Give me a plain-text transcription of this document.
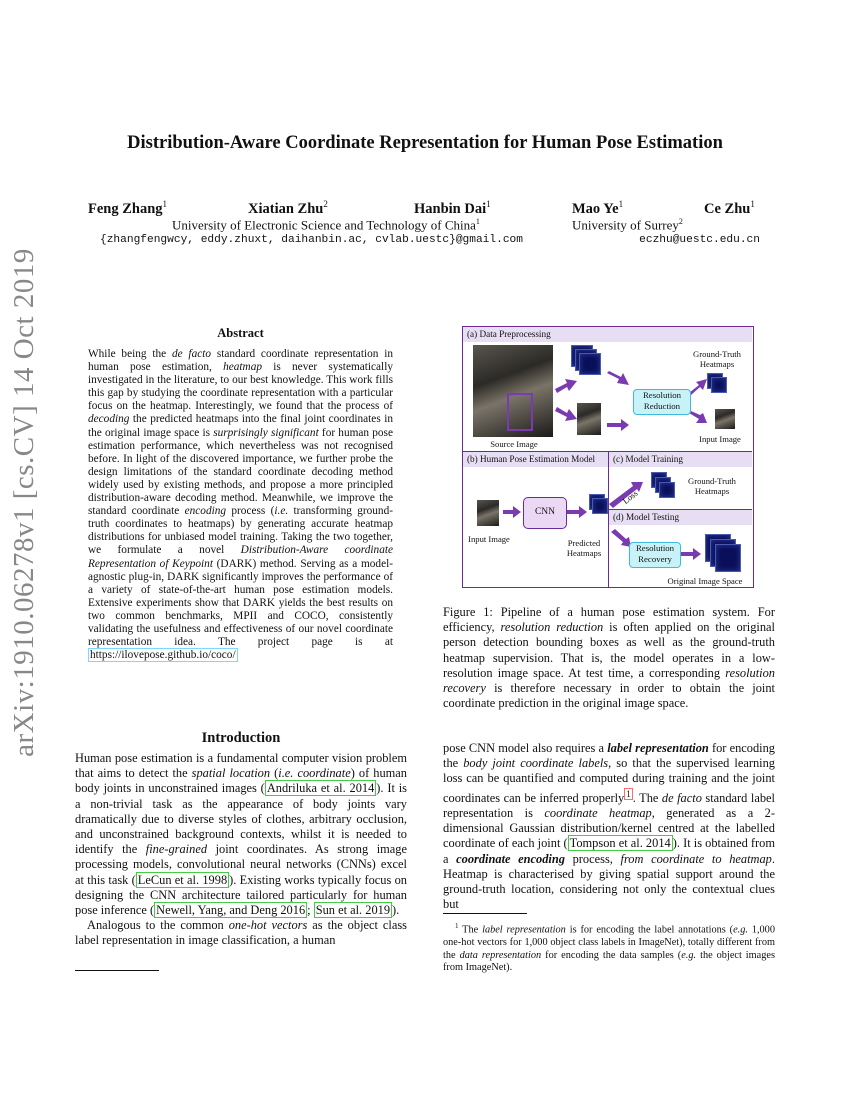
arXiv:1910.06278v1 [cs.CV] 14 Oct 2019
Distribution-Aware Coordinate Representation for Human Pose Estimation
Feng Zhang$^1$	Xiatian Zhu$^2$	Hanbin Dai$^1$	Mao Ye$^1$	Ce Zhu$^1$
University of Electronic Science and Technology of China$^1$	University of Surrey$^2$
{zhangfengwcy, eddy.zhuxt, daihanbin.ac, cvlab.uestc}@gmail.com	eczhu@uestc.edu.cn
Abstract
While being the de facto standard coordinate representation in human pose estimation, heatmap is never systematically investigated in the literature, to our best knowledge. This work fills this gap by studying the coordinate representation with a particular focus on the heatmap. Interestingly, we found that the process of decoding the predicted heatmaps into the final joint coordinates in the original image space is surprisingly significant for human pose estimation performance, which nevertheless was not recognised before. In light of the discovered importance, we further probe the design limitations of the standard coordinate decoding method widely used by existing methods, and propose a more principled distribution-aware decoding method. Meanwhile, we improve the standard coordinate encoding process (i.e. transforming ground-truth coordinates to heatmaps) by generating accurate heatmap distributions for unbiased model training. Taking the two together, we formulate a novel Distribution-Aware coordinate Representation of Keypoint (DARK) method. Serving as a model-agnostic plug-in, DARK significantly improves the performance of a variety of state-of-the-art human pose estimation models. Extensive experiments show that DARK yields the best results on two common benchmarks, MPII and COCO, consistently validating the usefulness and effectiveness of our novel coordinate representation idea. The project page is at https://ilovepose.github.io/coco/
Introduction

Human pose estimation is a fundamental computer vision problem that aims to detect the spatial location (i.e. coordinate) of human body joints in unconstrained images ( Andriluka et al. 2014 ). It is a non-trivial task as the appearance of body joints vary dramatically due to diverse styles of clothes, arbitrary occlusion, and unconstrained background contexts, whilst it is needed to identify the fine-grained joint coordinates. As strong image processing models, convolutional neural networks (CNNs) excel at this task ( LeCun et al. 1998 ). Existing works typically focus on designing the CNN architecture tailored particularly for human pose inference ( Newell, Yang, and Deng 2016 ; Sun et al. 2019 ).

Analogous to the common one-hot vectors as the object class label representation in image classification, a human

(a) Data Preprocessing
Source Image
Resolution Reduction
Ground-Truth Heatmaps
Input Image
(b) Human Pose Estimation Model
Input Image
CNN
Predicted Heatmaps
(c) Model Training
Ground-Truth Heatmaps
Loss
(d) Model Testing
Resolution Recovery
Original Image Space
Figure 1: Pipeline of a human pose estimation system. For efficiency, resolution reduction is often applied on the original person detection bounding boxes as well as the ground-truth heatmap supervision. That is, the model operates in a low-resolution image space. At test time, a corresponding resolution recovery is therefore necessary in order to obtain the joint coordinate prediction in the original image space.
pose CNN model also requires a label representation for encoding the body joint coordinate labels, so that the supervised learning loss can be quantified and computed during training and the joint coordinates can be inferred properly $^1$ . The de facto standard label representation is coordinate heatmap, generated as a 2-dimensional Gaussian distribution/kernel centred at the labelled coordinate of each joint ( Tompson et al. 2014 ). It is obtained from a coordinate encoding process, from coordinate to heatmap. Heatmap is characterised by giving spatial support around the ground-truth location, considering not only the contextual clues but
$^1$ The label representation is for encoding the label annotations (e.g. 1,000 one-hot vectors for 1,000 object class labels in ImageNet), totally different from the data representation for encoding the data samples (e.g. the object images from ImageNet).
